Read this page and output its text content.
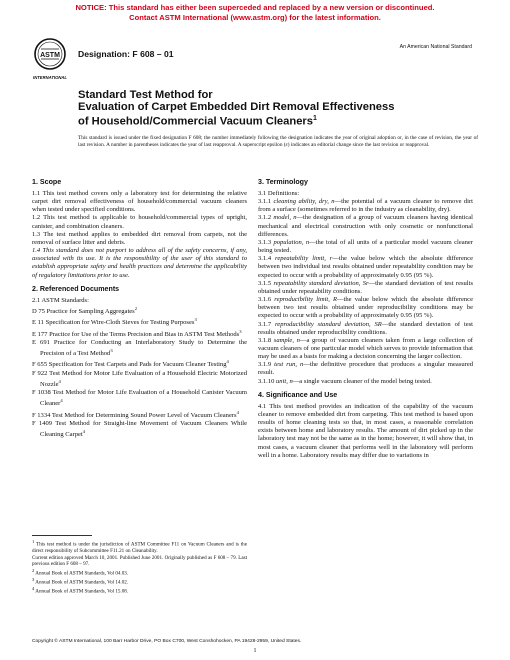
NOTICE: This standard has either been superceded and replaced by a new version or discontinued.
Contact ASTM International (www.astm.org) for the latest information.
ASTM
INTERNATIONAL
Designation: F 608 – 01
An American National Standard
Standard Test Method for
Evaluation of Carpet Embedded Dirt Removal Effectiveness
of Household/Commercial Vacuum Cleaners$^1$

This standard is issued under the fixed designation F 608; the number immediately following the designation indicates the year of original adoption or, in the case of revision, the year of last revision. A number in parentheses indicates the year of last reapproval. A superscript epsilon (ε) indicates an editorial change since the last revision or reapproval.

1. Scope

1.1 This test method covers only a laboratory test for determining the relative carpet dirt removal effectiveness of household/commercial vacuum cleaners when tested under specified conditions.

1.2 This test method is applicable to household/commercial types of upright, canister, and combination cleaners.

1.3 The test method applies to embedded dirt removal from carpets, not the removal of surface litter and debris.

1.4 This standard does not purport to address all of the safety concerns, if any, associated with its use. It is the responsibility of the user of this standard to establish appropriate safety and health practices and determine the applicability of regulatory limitations prior to use.

2. Referenced Documents

2.1 ASTM Standards:

D 75 Practice for Sampling Aggregates$^2$

E 11 Specification for Wire-Cloth Sieves for Testing Purposes$^3$

E 177 Practice for Use of the Terms Precision and Bias in ASTM Test Methods$^3$

E 691 Practice for Conducting an Interlaboratory Study to Determine the Precision of a Test Method$^3$

F 655 Specification for Test Carpets and Pads for Vacuum Cleaner Testing$^4$

F 922 Test Method for Motor Life Evaluation of a Household Electric Motorized Nozzle$^4$

F 1038 Test Method for Motor Life Evaluation of a Household Canister Vacuum Cleaner$^4$

F 1334 Test Method for Determining Sound Power Level of Vacuum Cleaners$^4$

F 1409 Test Method for Straight-line Movement of Vacuum Cleaners While Cleaning Carpet$^4$

3. Terminology

3.1 Definitions:

3.1.1 cleaning ability, dry, n—the potential of a vacuum cleaner to remove dirt from a surface (sometimes referred to in the industry as cleanability, dry).

3.1.2 model, n—the designation of a group of vacuum cleaners having identical mechanical and electrical construction with only cosmetic or nonfunctional differences.

3.1.3 population, n—the total of all units of a particular model vacuum cleaner being tested.

3.1.4 repeatability limit, r—the value below which the absolute difference between two individual test results obtained under repeatability condition may be expected to occur with a probability of approximately 0.95 (95 %).

3.1.5 repeatability standard deviation, Sr—the standard deviation of test results obtained under repeatability conditions.

3.1.6 reproducibility limit, R—the value below which the absolute difference between two test results obtained under reproducibility conditions may be expected to occur with a probability of approximately 0.95 (95 %).

3.1.7 reproducibility standard deviation, SR—the standard deviation of test results obtained under reproducibility conditions.

3.1.8 sample, n—a group of vacuum cleaners taken from a large collection of vacuum cleaners of one particular model which serves to provide information that may be used as a basis for making a decision concerning the larger collection.

3.1.9 test run, n—the definitive procedure that produces a singular measured result.

3.1.10 unit, n—a single vacuum cleaner of the model being tested.

4. Significance and Use

4.1 This test method provides an indication of the capability of the vacuum cleaner to remove embedded dirt from carpeting. This test method is based upon results of home cleaning tests so that, in most cases, a reasonable correlation exists between home and laboratory results. The amount of dirt picked up in the laboratory test may not be the same as in the home; however, it will show that, in most cases, a vacuum cleaner that performs well in the laboratory will perform well in a home. Laboratory results may differ due to variations in

$^1$ This test method is under the jurisdiction of ASTM Committee F11 on Vacuum Cleaners and is the direct responsibility of Subcommittee F11.21 on Cleanability.

Current edition approved March 10, 2001. Published June 2001. Originally published as F 608 – 79. Last previous edition F 608 – 97.

$^2$ Annual Book of ASTM Standards, Vol 04.03.

$^3$ Annual Book of ASTM Standards, Vol 14.02.

$^4$ Annual Book of ASTM Standards, Vol 15.08.

Copyright © ASTM International, 100 Barr Harbor Drive, PO Box C700, West Conshohocken, PA 19428-2959, United States.
1
